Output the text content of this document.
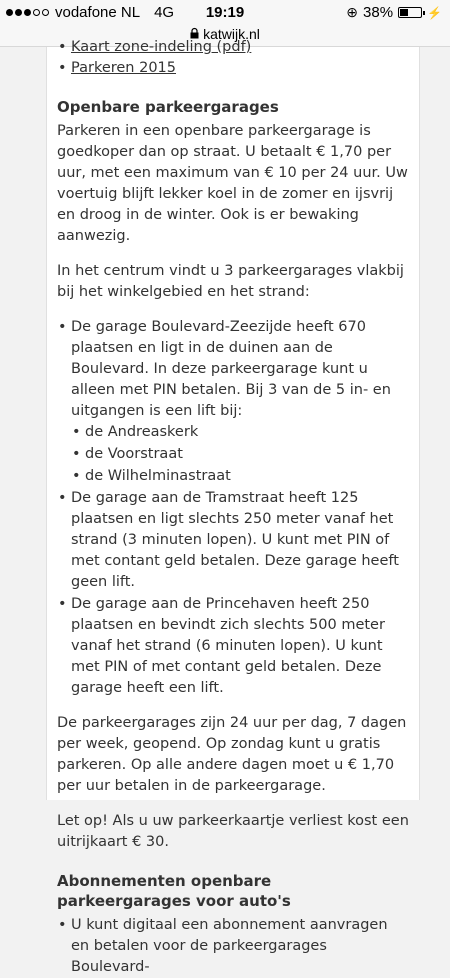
vodafone NL 4G	19:19	⊕ 38%	⚡
katwijk.nl
• Kaart zone-indeling (pdf)
• Parkeren 2015
Openbare parkeergarages

Parkeren in een openbare parkeergarage is goedkoper dan op straat. U betaalt € 1,70 per uur, met een maximum van € 10 per 24 uur. Uw voertuig blijft lekker koel in de zomer en ijsvrij en droog in de winter. Ook is er bewaking aanwezig.

In het centrum vindt u 3 parkeergarages vlakbij bij het winkelgebied en het strand:

• De garage Boulevard-Zeezijde heeft 670 plaatsen en ligt in de duinen aan de Boulevard. In deze parkeergarage kunt u alleen met PIN betalen. Bij 3 van de 5 in- en uitgangen is een lift bij:
• de Andreaskerk
• de Voorstraat
• de Wilhelminastraat
• De garage aan de Tramstraat heeft 125 plaatsen en ligt slechts 250 meter vanaf het strand (3 minuten lopen). U kunt met PIN of met contant geld betalen. Deze garage heeft geen lift.
• De garage aan de Princehaven heeft 250 plaatsen en bevindt zich slechts 500 meter vanaf het strand (6 minuten lopen). U kunt met PIN of met contant geld betalen. Deze garage heeft een lift.

De parkeergarages zijn 24 uur per dag, 7 dagen per week, geopend. Op zondag kunt u gratis parkeren. Op alle andere dagen moet u € 1,70 per uur betalen in de parkeergarage.

Let op! Als u uw parkeerkaartje verliest kost een uitrijkaart € 30.

Abonnementen openbare parkeergarages voor auto's
• U kunt digitaal een abonnement aanvragen en betalen voor de parkeergarages Boulevard-
